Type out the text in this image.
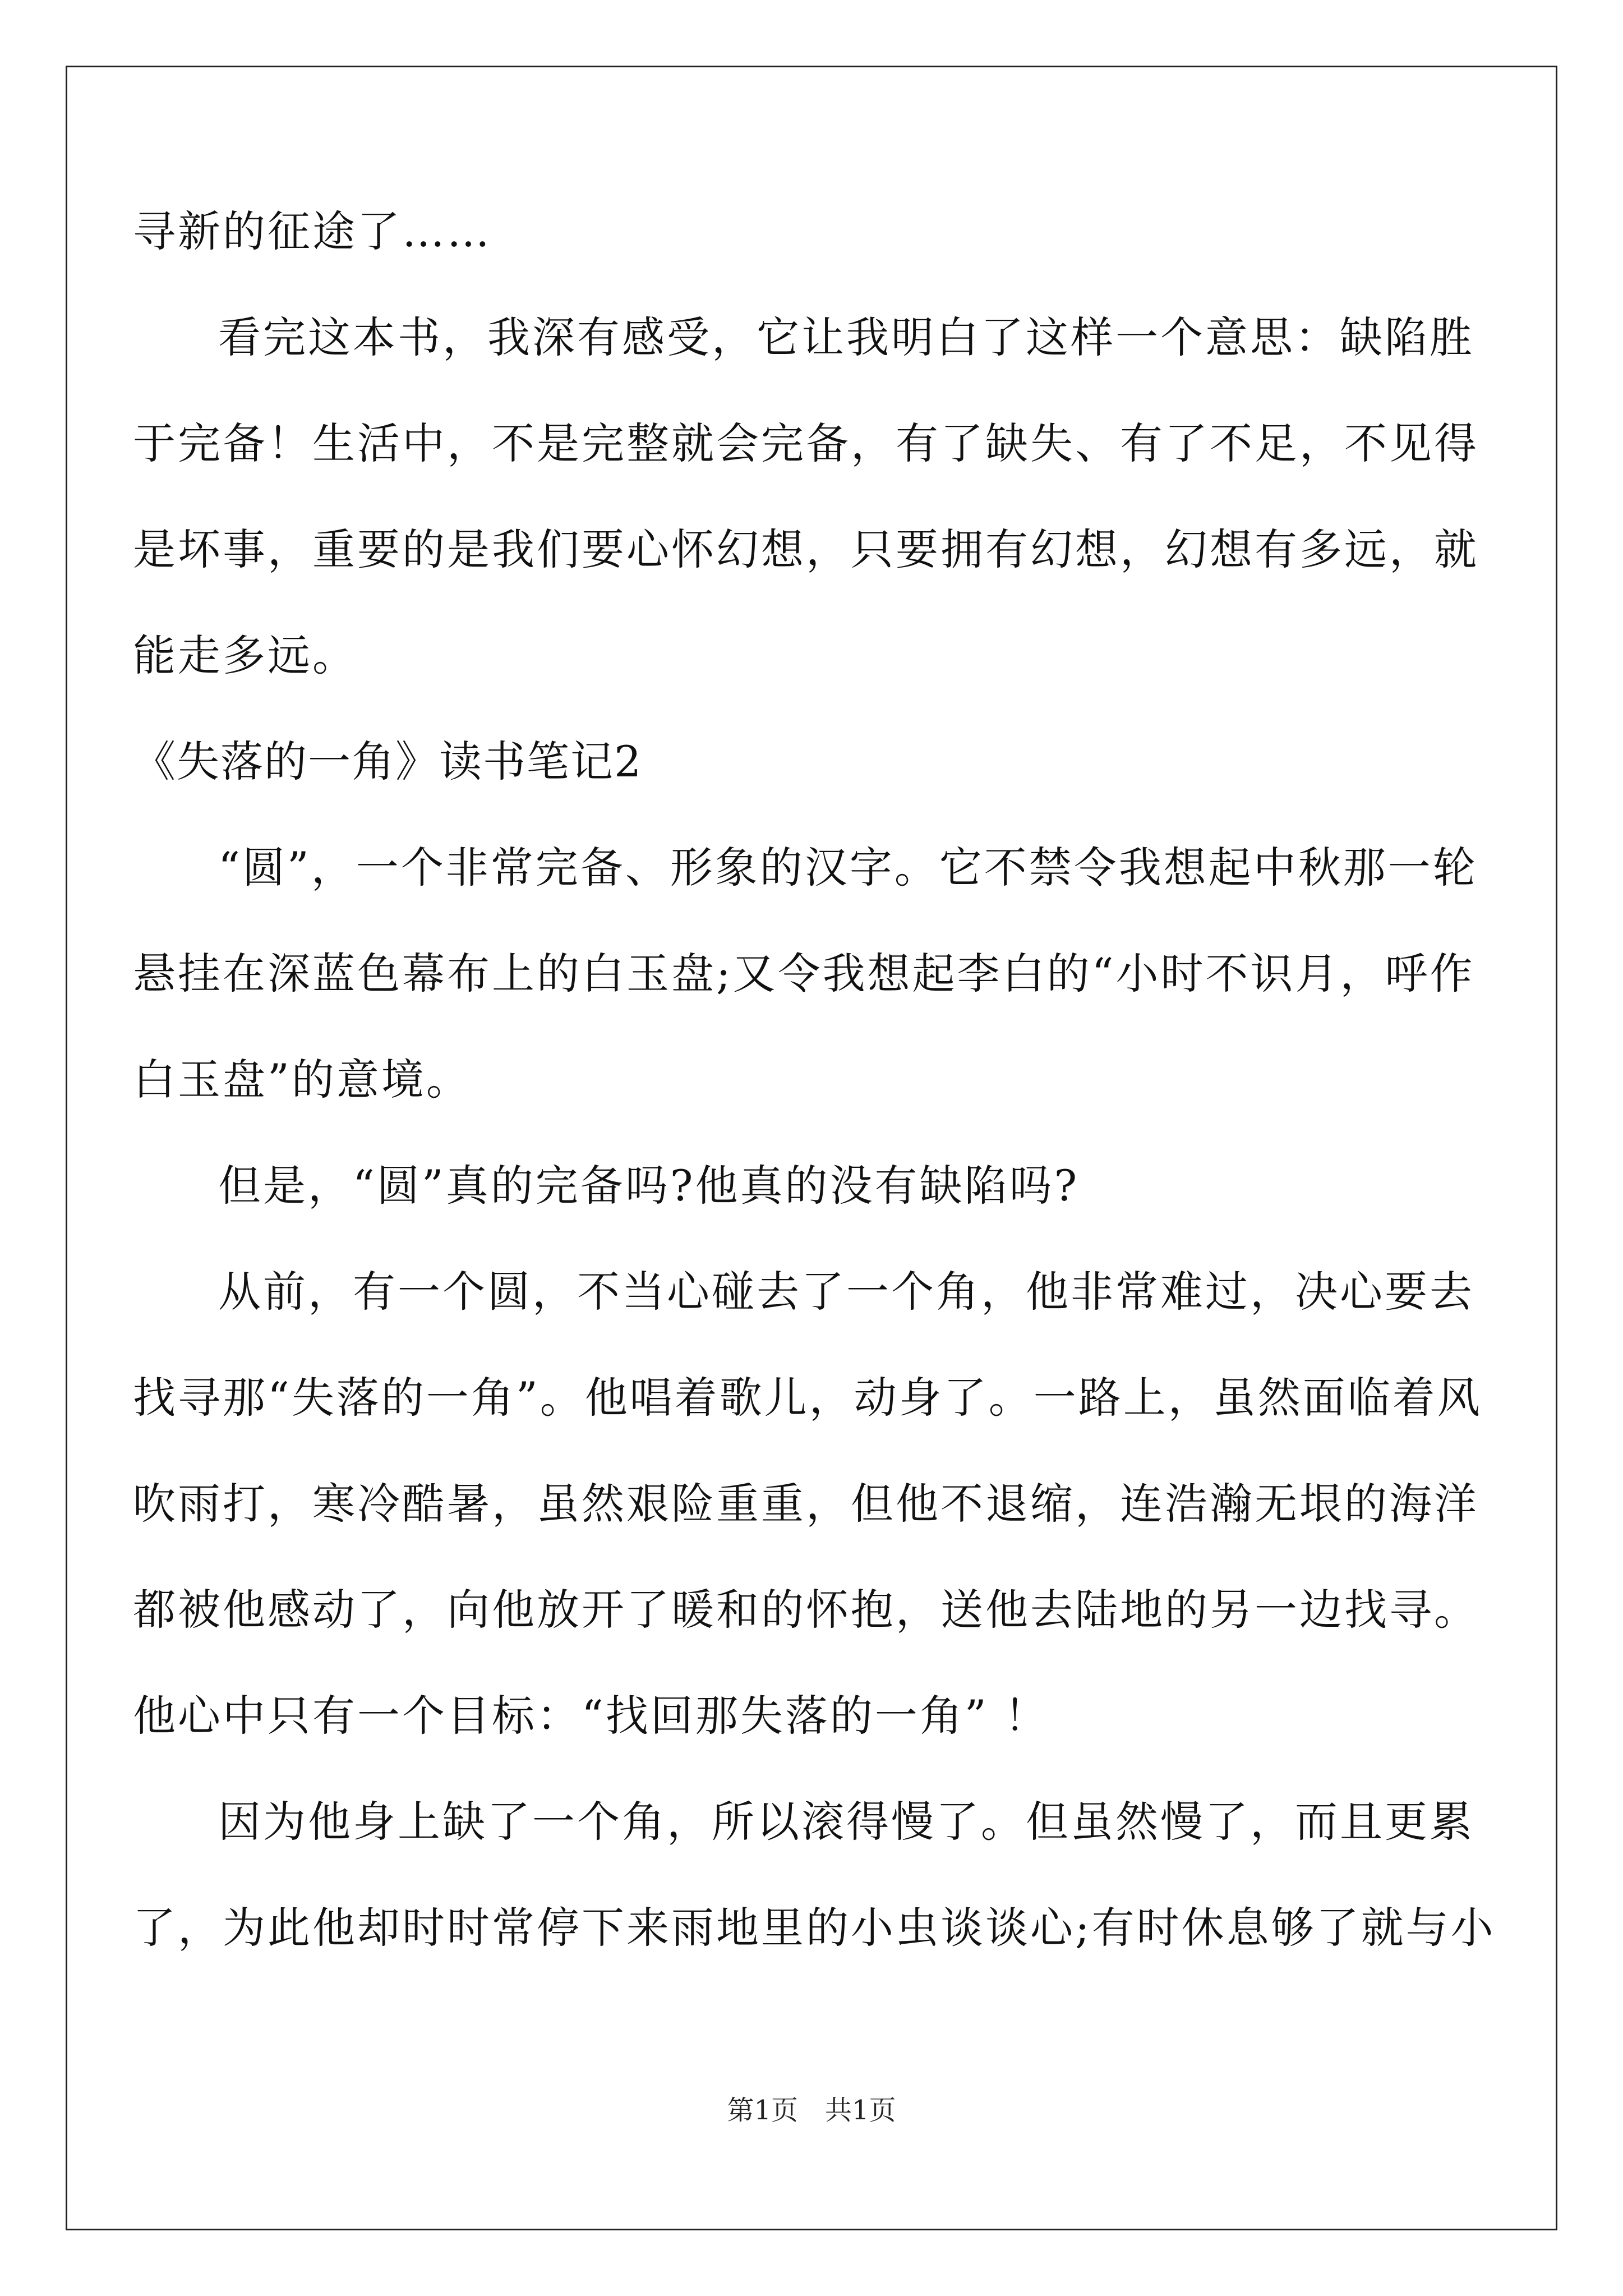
寻新的征途了……
看完这本书，我深有感受，它让我明白了这样一个意思：缺陷胜
于完备！生活中，不是完整就会完备，有了缺失、有了不足，不见得
是坏事，重要的是我们要心怀幻想，只要拥有幻想，幻想有多远，就
能走多远。
《失落的一角》读书笔记2
“圆”，一个非常完备、形象的汉字。它不禁令我想起中秋那一轮
悬挂在深蓝色幕布上的白玉盘;又令我想起李白的“小时不识月，呼作
白玉盘”的意境。
但是，“圆”真的完备吗?他真的没有缺陷吗?
从前，有一个圆，不当心碰去了一个角，他非常难过，决心要去
找寻那“失落的一角”。他唱着歌儿，动身了。一路上，虽然面临着风
吹雨打，寒冷酷暑，虽然艰险重重，但他不退缩，连浩瀚无垠的海洋
都被他感动了，向他放开了暖和的怀抱，送他去陆地的另一边找寻。
他心中只有一个目标：“找回那失落的一角” ！
因为他身上缺了一个角，所以滚得慢了。但虽然慢了，而且更累
了，为此他却时时常停下来雨地里的小虫谈谈心;有时休息够了就与小
第1页 共1页
